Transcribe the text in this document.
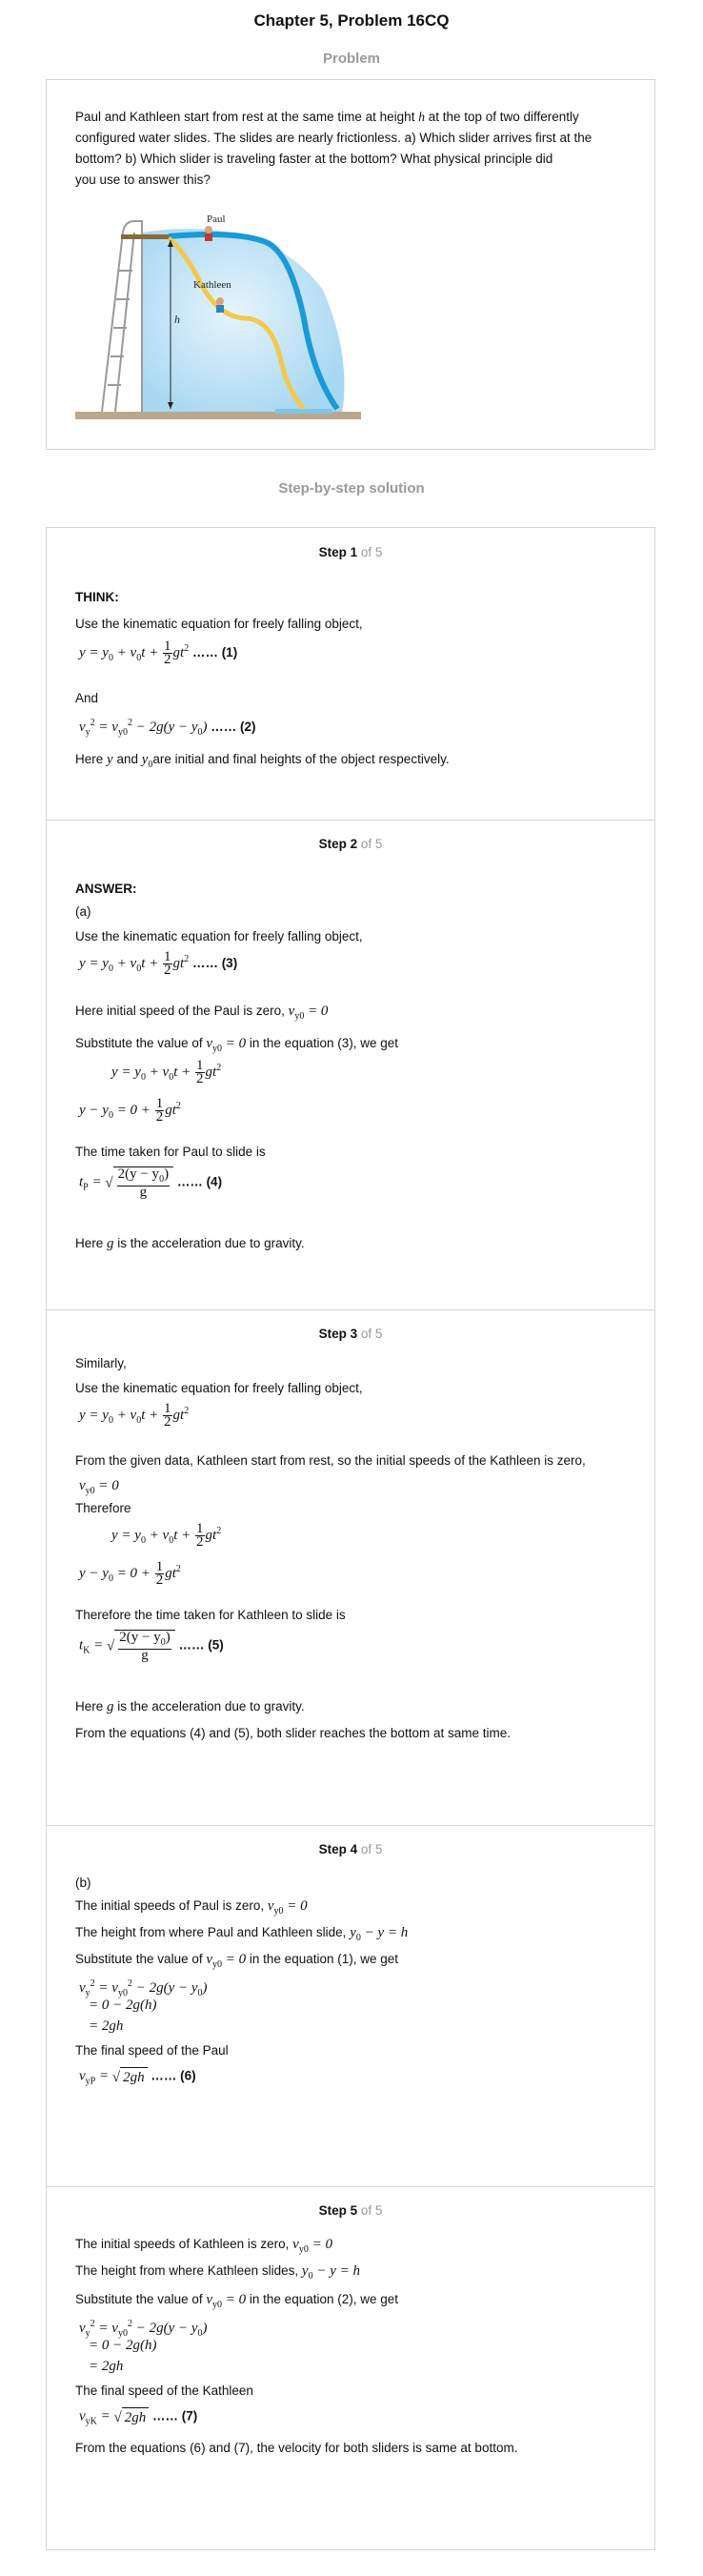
Chapter 5, Problem 16CQ
Problem

Paul and Kathleen start from rest at the same time at height h at the top of two differently
configured water slides. The slides are nearly frictionless. a) Which slider arrives first at the
bottom? b) Which slider is traveling faster at the bottom? What physical principle did
you use to answer this?

h
Paul
Kathleen
Step-by-step solution
Step 1 of 5
THINK:
Use the kinematic equation for freely falling object,
$y = y_0 + v_0t + \frac{1}{2} gt^2$ …… (1)
And
$v_y^2 = v_{y0}^2 - 2g(y - y_0)$ …… (2)
Here y and $y_0are$ initial and final heights of the object respectively.
Step 2 of 5
ANSWER:
(a)
Use the kinematic equation for freely falling object,
$y = y_0 + v_0t + \frac{1}{2} gt^2$ …… (3)
Here initial speed of the Paul is zero, $v_{y0} = 0$
Substitute the value of $v_{y0} = 0$ in the equation (3), we get
$y = y_0 + v_0t + \frac{1}{2} gt^2$
$y - y_0 = 0 + \frac{1}{2} gt^2$
The time taken for Paul to slide is
$t_P$ = √ $\frac{2(y - y_0)}{g}$ …… (4)
Here g is the acceleration due to gravity.
Step 3 of 5
Similarly,
Use the kinematic equation for freely falling object,
$y = y_0 + v_0t + \frac{1}{2} gt^2$
From the given data, Kathleen start from rest, so the initial speeds of the Kathleen is zero,
$v_{y0} = 0$
Therefore
$y = y_0 + v_0t + \frac{1}{2} gt^2$
$y - y_0 = 0 + \frac{1}{2} gt^2$
Therefore the time taken for Kathleen to slide is
$t_K$ = √ $\frac{2(y - y_0)}{g}$ …… (5)
Here g is the acceleration due to gravity.
From the equations (4) and (5), both slider reaches the bottom at same time.
Step 4 of 5
(b)
The initial speeds of Paul is zero, $v_{y0} = 0$
The height from where Paul and Kathleen slide, $y_0 - y = h$
Substitute the value of $v_{y0} = 0$ in the equation (1), we get
$v_y^2 = v_{y0}^2 - 2g(y - y_0)$
= 0 − 2g(h)
= 2gh
The final speed of the Paul
$v_{yP}$ = √ 2gh …… (6)
Step 5 of 5
The initial speeds of Kathleen is zero, $v_{y0} = 0$
The height from where Kathleen slides, $y_0 - y = h$
Substitute the value of $v_{y0} = 0$ in the equation (2), we get
$v_y^2 = v_{y0}^2 - 2g(y - y_0)$
= 0 − 2g(h)
= 2gh
The final speed of the Kathleen
$v_{yK}$ = √ 2gh …… (7)
From the equations (6) and (7), the velocity for both sliders is same at bottom.
